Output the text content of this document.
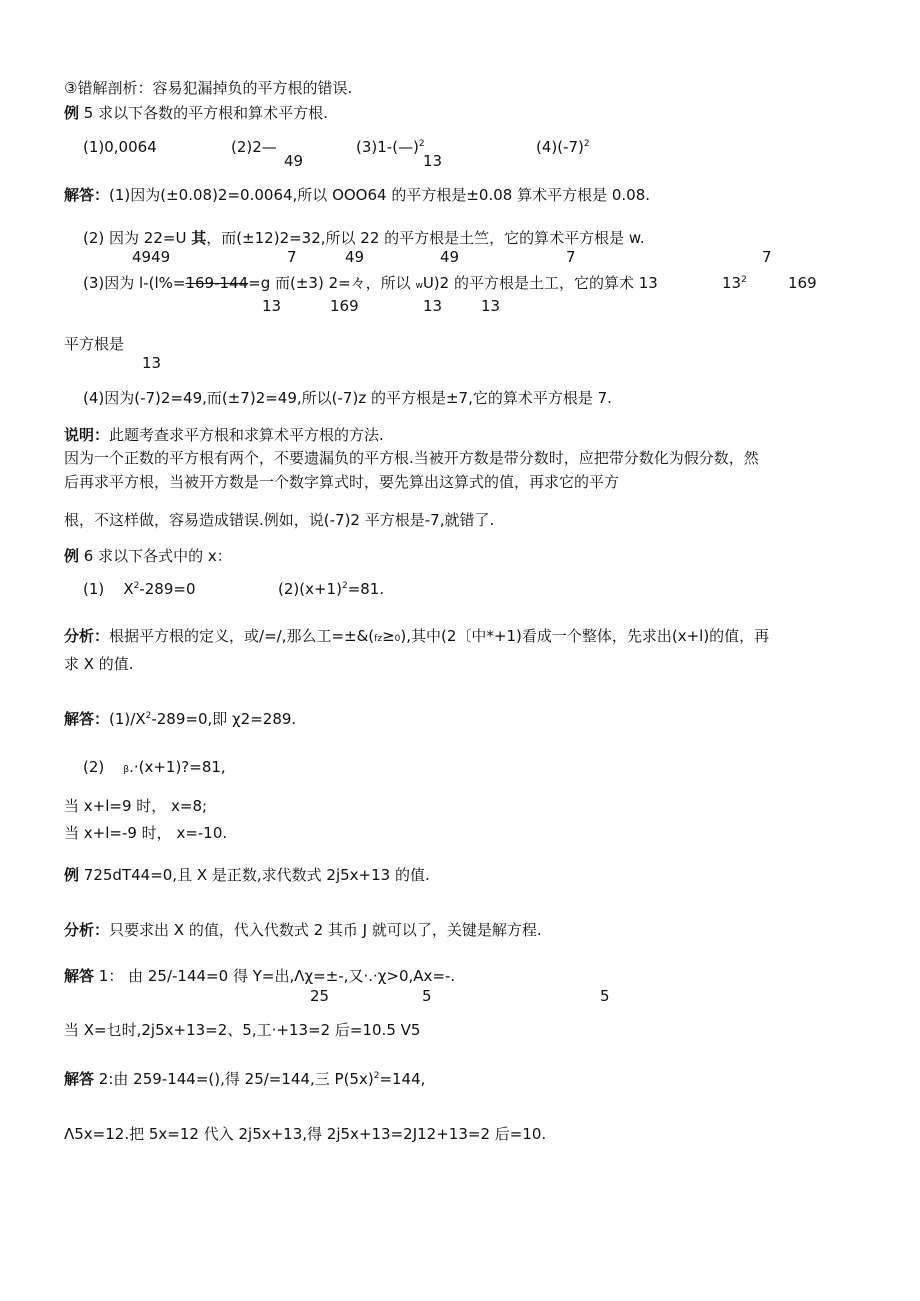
③错解剖析：容易犯漏掉负的平方根的错误.
例 5 求以下各数的平方根和算术平方根.
(1)0,0064	(2)2—
49
(3)1-(—)$^2$
13
$(4)(-7)^2$
解答：(1)因为(±0.08)2=0.0064,所以 OOO64 的平方根是±0.08 算术平方根是 0.08.
(2) 因为 22=U 其，而(±12)2=32,所以 22 的平方根是土竺，它的算术平方根是 w.
4949	7	49	49	7	7
(3)因为 l-(l%=169-144=g 而(±3) 2=々，所以 wU)2 的平方根是土工，它的算术 13	$13^2$	169
13	169	13	13
平方根是
13
(4)因为(-7)2=49,而(±7)2=49,所以(-7)z 的平方根是±7,它的算术平方根是 7.
说明：此题考查求平方根和求算术平方根的方法.
因为一个正数的平方根有两个，不要遗漏负的平方根.当被开方数是带分数时，应把带分数化为假分数，然
后再求平方根，当被开方数是一个数字算式时，要先算出这算式的值，再求它的平方
根，不这样做，容易造成错误.例如，说(-7)2 平方根是-7,就错了.
例 6 求以下各式中的 x：
(1)    $X^2-289=0$	$(2)(x+1)^2=81$.
分析：根据平方根的定义，或/=/,那么工=±&(fz≥0),其中(2〔中*+1)看成一个整体，先求出(x+l)的值，再
求 X 的值.
解答：$(1)/X^2-289=0$,即 χ2=289.
(2)    β.·(x+1)?=81,
当 x+l=9 时， x=8;
当 x+l=-9 时， x=-10.
例 725dT44=0,且 X 是正数,求代数式 2j5x+13 的值.
分析：只要求出 X 的值，代入代数式 2 其币 J 就可以了，关键是解方程.
解答 1： 由 25/-144=0 得 Y=出,Λχ=±-,又·.·χ>0,Ax=-.
25	5	5
当 X=乜时,2j5x+13=2、5,工·+13=2 后=10.5 V5
解答 2:由 259-144=(),得 25/=144,三 $P(5x)^2=144$,
Λ5x=12.把 5x=12 代入 2j5x+13,得 2j5x+13=2J12+13=2 后=10.
